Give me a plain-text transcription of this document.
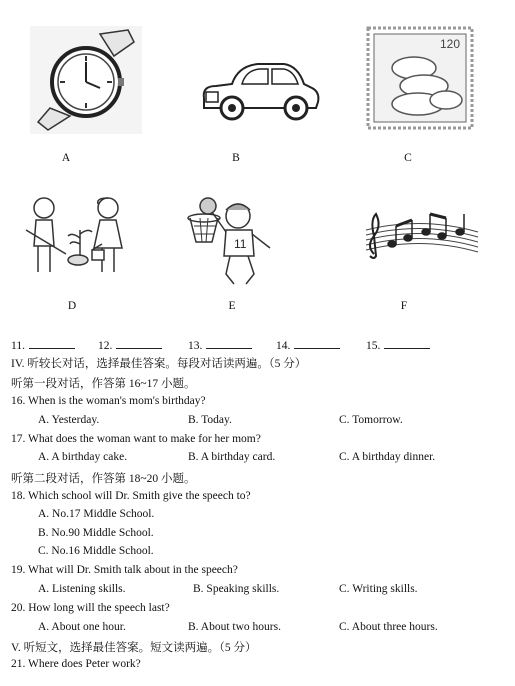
A	B
120
C
D
11
E	F
11.	12.	13.	14.	15.
IV. 听较长对话，选择最佳答案。每段对话读两遍。（5 分）
听第一段对话，作答第 16~17 小题。
16. When is the woman's mom's birthday?
A. Yesterday.	B. Today.	C. Tomorrow.
17. What does the woman want to make for her mom?
A. A birthday cake.	B. A birthday card.	C. A birthday dinner.
听第二段对话，作答第 18~20 小题。
18. Which school will Dr. Smith give the speech to?
A. No.17 Middle School.
B. No.90 Middle School.
C. No.16 Middle School.
19. What will Dr. Smith talk about in the speech?
A. Listening skills.	B. Speaking skills.	C. Writing skills.
20. How long will the speech last?
A. About one hour.	B. About two hours.	C. About three hours.
V. 听短文，选择最佳答案。短文读两遍。（5 分）
21. Where does Peter work?
